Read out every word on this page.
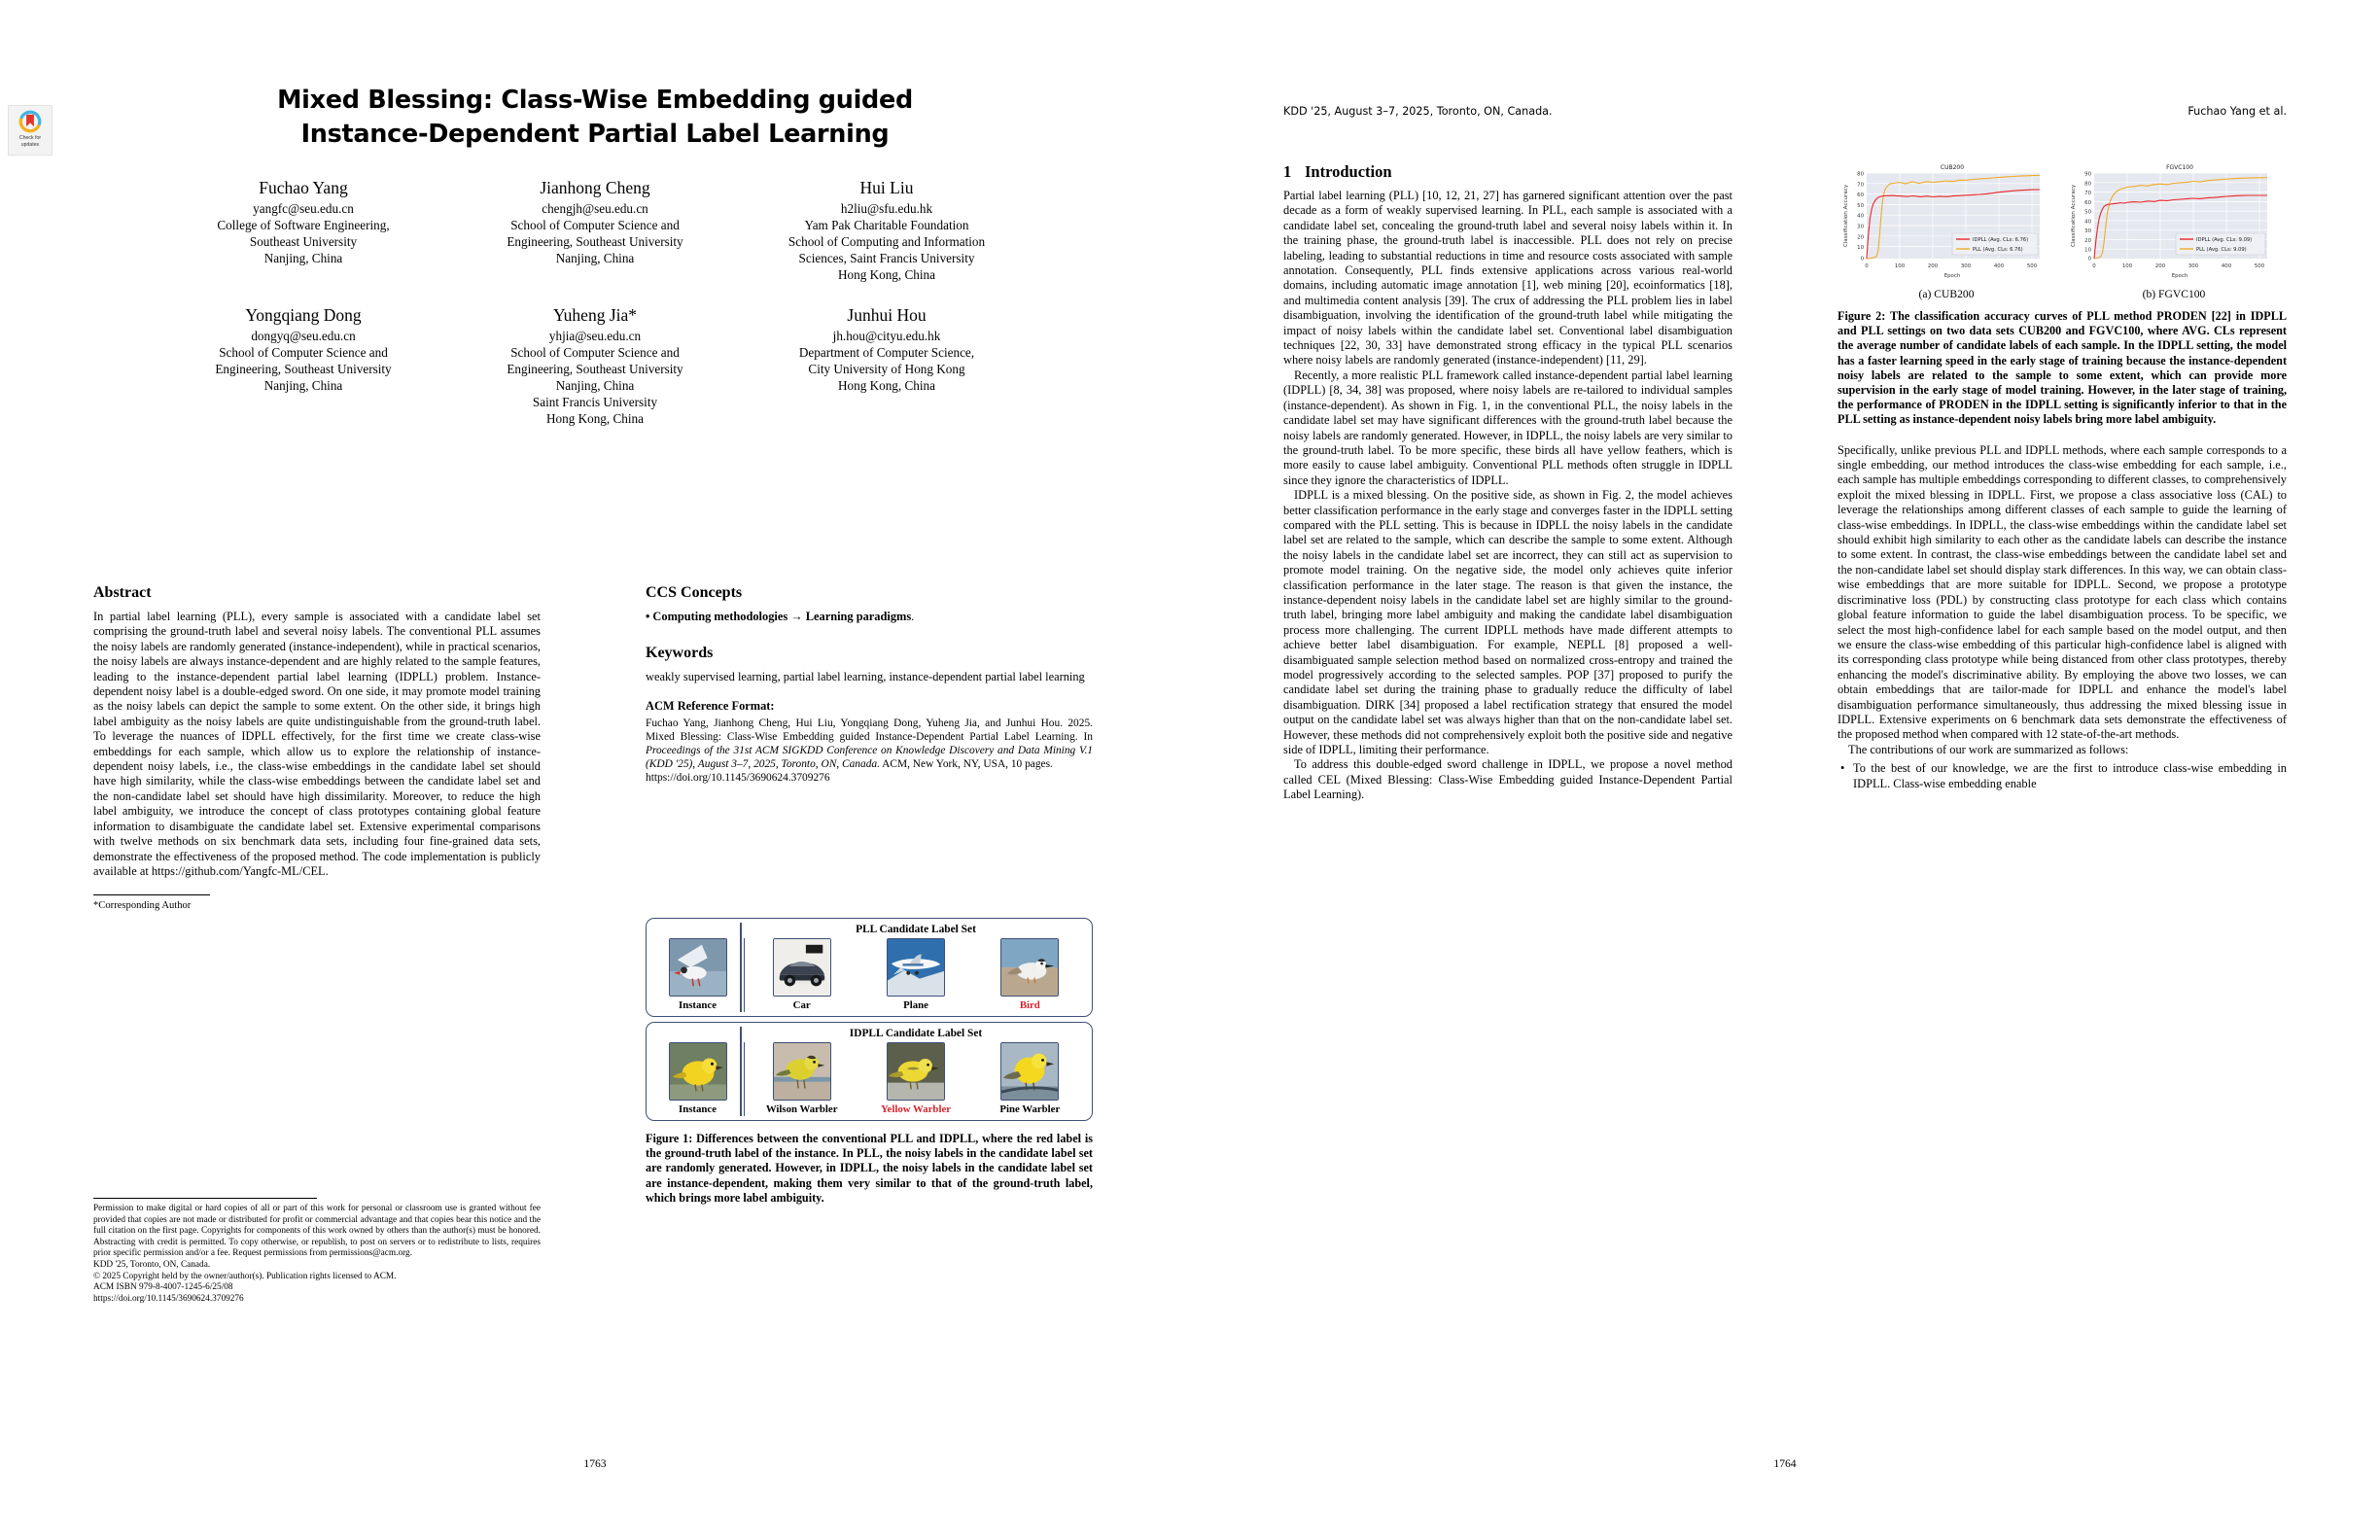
Check for
updates
Mixed Blessing: Class-Wise Embedding guided
Instance-Dependent Partial Label Learning
Fuchao Yang
yangfc@seu.edu.cn
College of Software Engineering,
Southeast University
Nanjing, China
Jianhong Cheng
chengjh@seu.edu.cn
School of Computer Science and
Engineering, Southeast University
Nanjing, China
Hui Liu
h2liu@sfu.edu.hk
Yam Pak Charitable Foundation
School of Computing and Information
Sciences, Saint Francis University
Hong Kong, China
Yongqiang Dong
dongyq@seu.edu.cn
School of Computer Science and
Engineering, Southeast University
Nanjing, China
Yuheng Jia*
yhjia@seu.edu.cn
School of Computer Science and
Engineering, Southeast University
Nanjing, China
Saint Francis University
Hong Kong, China
Junhui Hou
jh.hou@cityu.edu.hk
Department of Computer Science,
City University of Hong Kong
Hong Kong, China
Abstract

In partial label learning (PLL), every sample is associated with a candidate label set comprising the ground-truth label and several noisy labels. The conventional PLL assumes the noisy labels are randomly generated (instance-independent), while in practical scenarios, the noisy labels are always instance-dependent and are highly related to the sample features, leading to the instance-dependent partial label learning (IDPLL) problem. Instance-dependent noisy label is a double-edged sword. On one side, it may promote model training as the noisy labels can depict the sample to some extent. On the other side, it brings high label ambiguity as the noisy labels are quite undistinguishable from the ground-truth label. To leverage the nuances of IDPLL effectively, for the first time we create class-wise embeddings for each sample, which allow us to explore the relationship of instance-dependent noisy labels, i.e., the class-wise embeddings in the candidate label set should have high similarity, while the class-wise embeddings between the candidate label set and the non-candidate label set should have high dissimilarity. Moreover, to reduce the high label ambiguity, we introduce the concept of class prototypes containing global feature information to disambiguate the candidate label set. Extensive experimental comparisons with twelve methods on six benchmark data sets, including four fine-grained data sets, demonstrate the effectiveness of the proposed method. The code implementation is publicly available at https://github.com/Yangfc-ML/CEL.

*Corresponding Author
CCS Concepts
• Computing methodologies → Learning paradigms.
Keywords
weakly supervised learning, partial label learning, instance-dependent partial label learning
ACM Reference Format:
Fuchao Yang, Jianhong Cheng, Hui Liu, Yongqiang Dong, Yuheng Jia, and Junhui Hou. 2025. Mixed Blessing: Class-Wise Embedding guided Instance-Dependent Partial Label Learning. In Proceedings of the 31st ACM SIGKDD Conference on Knowledge Discovery and Data Mining V.1 (KDD '25), August 3–7, 2025, Toronto, ON, Canada. ACM, New York, NY, USA, 10 pages.
https://doi.org/10.1145/3690624.3709276
PLL Candidate Label Set
Instance	Car	Plane	Bird
IDPLL Candidate Label Set
Instance	Wilson Warbler	Yellow Warbler	Pine Warbler
Figure 1: Differences between the conventional PLL and IDPLL, where the red label is the ground-truth label of the instance. In PLL, the noisy labels in the candidate label set are randomly generated. However, in IDPLL, the noisy labels in the candidate label set are instance-dependent, making them very similar to that of the ground-truth label, which brings more label ambiguity.
Permission to make digital or hard copies of all or part of this work for personal or classroom use is granted without fee provided that copies are not made or distributed for profit or commercial advantage and that copies bear this notice and the full citation on the first page. Copyrights for components of this work owned by others than the author(s) must be honored. Abstracting with credit is permitted. To copy otherwise, or republish, to post on servers or to redistribute to lists, requires prior specific permission and/or a fee. Request permissions from permissions@acm.org.
KDD '25, Toronto, ON, Canada.
© 2025 Copyright held by the owner/author(s). Publication rights licensed to ACM.
ACM ISBN 979-8-4007-1245-6/25/08
https://doi.org/10.1145/3690624.3709276
1763
KDD '25, August 3–7, 2025, Toronto, ON, Canada.	Fuchao Yang et al.
1 Introduction

Partial label learning (PLL) [10, 12, 21, 27] has garnered significant attention over the past decade as a form of weakly supervised learning. In PLL, each sample is associated with a candidate label set, concealing the ground-truth label and several noisy labels within it. In the training phase, the ground-truth label is inaccessible. PLL does not rely on precise labeling, leading to substantial reductions in time and resource costs associated with sample annotation. Consequently, PLL finds extensive applications across various real-world domains, including automatic image annotation [1], web mining [20], ecoinformatics [18], and multimedia content analysis [39]. The crux of addressing the PLL problem lies in label disambiguation, involving the identification of the ground-truth label while mitigating the impact of noisy labels within the candidate label set. Conventional label disambiguation techniques [22, 30, 33] have demonstrated strong efficacy in the typical PLL scenarios where noisy labels are randomly generated (instance-independent) [11, 29].

Recently, a more realistic PLL framework called instance-dependent partial label learning (IDPLL) [8, 34, 38] was proposed, where noisy labels are re-tailored to individual samples (instance-dependent). As shown in Fig. 1, in the conventional PLL, the noisy labels in the candidate label set may have significant differences with the ground-truth label because the noisy labels are randomly generated. However, in IDPLL, the noisy labels are very similar to the ground-truth label. To be more specific, these birds all have yellow feathers, which is more easily to cause label ambiguity. Conventional PLL methods often struggle in IDPLL since they ignore the characteristics of IDPLL.

IDPLL is a mixed blessing. On the positive side, as shown in Fig. 2, the model achieves better classification performance in the early stage and converges faster in the IDPLL setting compared with the PLL setting. This is because in IDPLL the noisy labels in the candidate label set are related to the sample, which can describe the sample to some extent. Although the noisy labels in the candidate label set are incorrect, they can still act as supervision to promote model training. On the negative side, the model only achieves quite inferior classification performance in the later stage. The reason is that given the instance, the instance-dependent noisy labels in the candidate label set are highly similar to the ground-truth label, bringing more label ambiguity and making the candidate label disambiguation process more challenging. The current IDPLL methods have made different attempts to achieve better label disambiguation. For example, NEPLL [8] proposed a well-disambiguated sample selection method based on normalized cross-entropy and trained the model progressively according to the selected samples. POP [37] proposed to purify the candidate label set during the training phase to gradually reduce the difficulty of label disambiguation. DIRK [34] proposed a label rectification strategy that ensured the model output on the candidate label set was always higher than that on the non-candidate label set. However, these methods did not comprehensively exploit both the positive side and negative side of IDPLL, limiting their performance.

To address this double-edged sword challenge in IDPLL, we propose a novel method called CEL (Mixed Blessing: Class-Wise Embedding guided Instance-Dependent Partial Label Learning).

CUB200
80
70
60
50
40
30
20
10
0
0	100	200	300	400	500
Epoch
Classification Accuracy	IDPLL (Avg. CLs: 6.76)
PLL (Avg. CLs: 6.76)
(a) CUB200
FGVC100
90
80
70
60
50
40
30
20
10
0
0	100	200	300	400	500
Epoch
Classification Accuracy	IDPLL (Avg. CLs: 9.09)
PLL (Avg. CLs: 9.09)
(b) FGVC100
Figure 2: The classification accuracy curves of PLL method PRODEN [22] in IDPLL and PLL settings on two data sets CUB200 and FGVC100, where AVG. CLs represent the average number of candidate labels of each sample. In the IDPLL setting, the model has a faster learning speed in the early stage of training because the instance-dependent noisy labels are related to the sample to some extent, which can provide more supervision in the early stage of model training. However, in the later stage of training, the performance of PRODEN in the IDPLL setting is significantly inferior to that in the PLL setting as instance-dependent noisy labels bring more label ambiguity.

Specifically, unlike previous PLL and IDPLL methods, where each sample corresponds to a single embedding, our method introduces the class-wise embedding for each sample, i.e., each sample has multiple embeddings corresponding to different classes, to comprehensively exploit the mixed blessing in IDPLL. First, we propose a class associative loss (CAL) to leverage the relationships among different classes of each sample to guide the learning of class-wise embeddings. In IDPLL, the class-wise embeddings within the candidate label set should exhibit high similarity to each other as the candidate labels can describe the instance to some extent. In contrast, the class-wise embeddings between the candidate label set and the non-candidate label set should display stark differences. In this way, we can obtain class-wise embeddings that are more suitable for IDPLL. Second, we propose a prototype discriminative loss (PDL) by constructing class prototype for each class which contains global feature information to guide the label disambiguation process. To be specific, we select the most high-confidence label for each sample based on the model output, and then we ensure the class-wise embedding of this particular high-confidence label is aligned with its corresponding class prototype while being distanced from other class prototypes, thereby enhancing the model's discriminative ability. By employing the above two losses, we can obtain embeddings that are tailor-made for IDPLL and enhance the model's label disambiguation performance simultaneously, thus addressing the mixed blessing issue in IDPLL. Extensive experiments on 6 benchmark data sets demonstrate the effectiveness of the proposed method when compared with 12 state-of-the-art methods.

The contributions of our work are summarized as follows:

• To the best of our knowledge, we are the first to introduce class-wise embedding in IDPLL. Class-wise embedding enable
1764
